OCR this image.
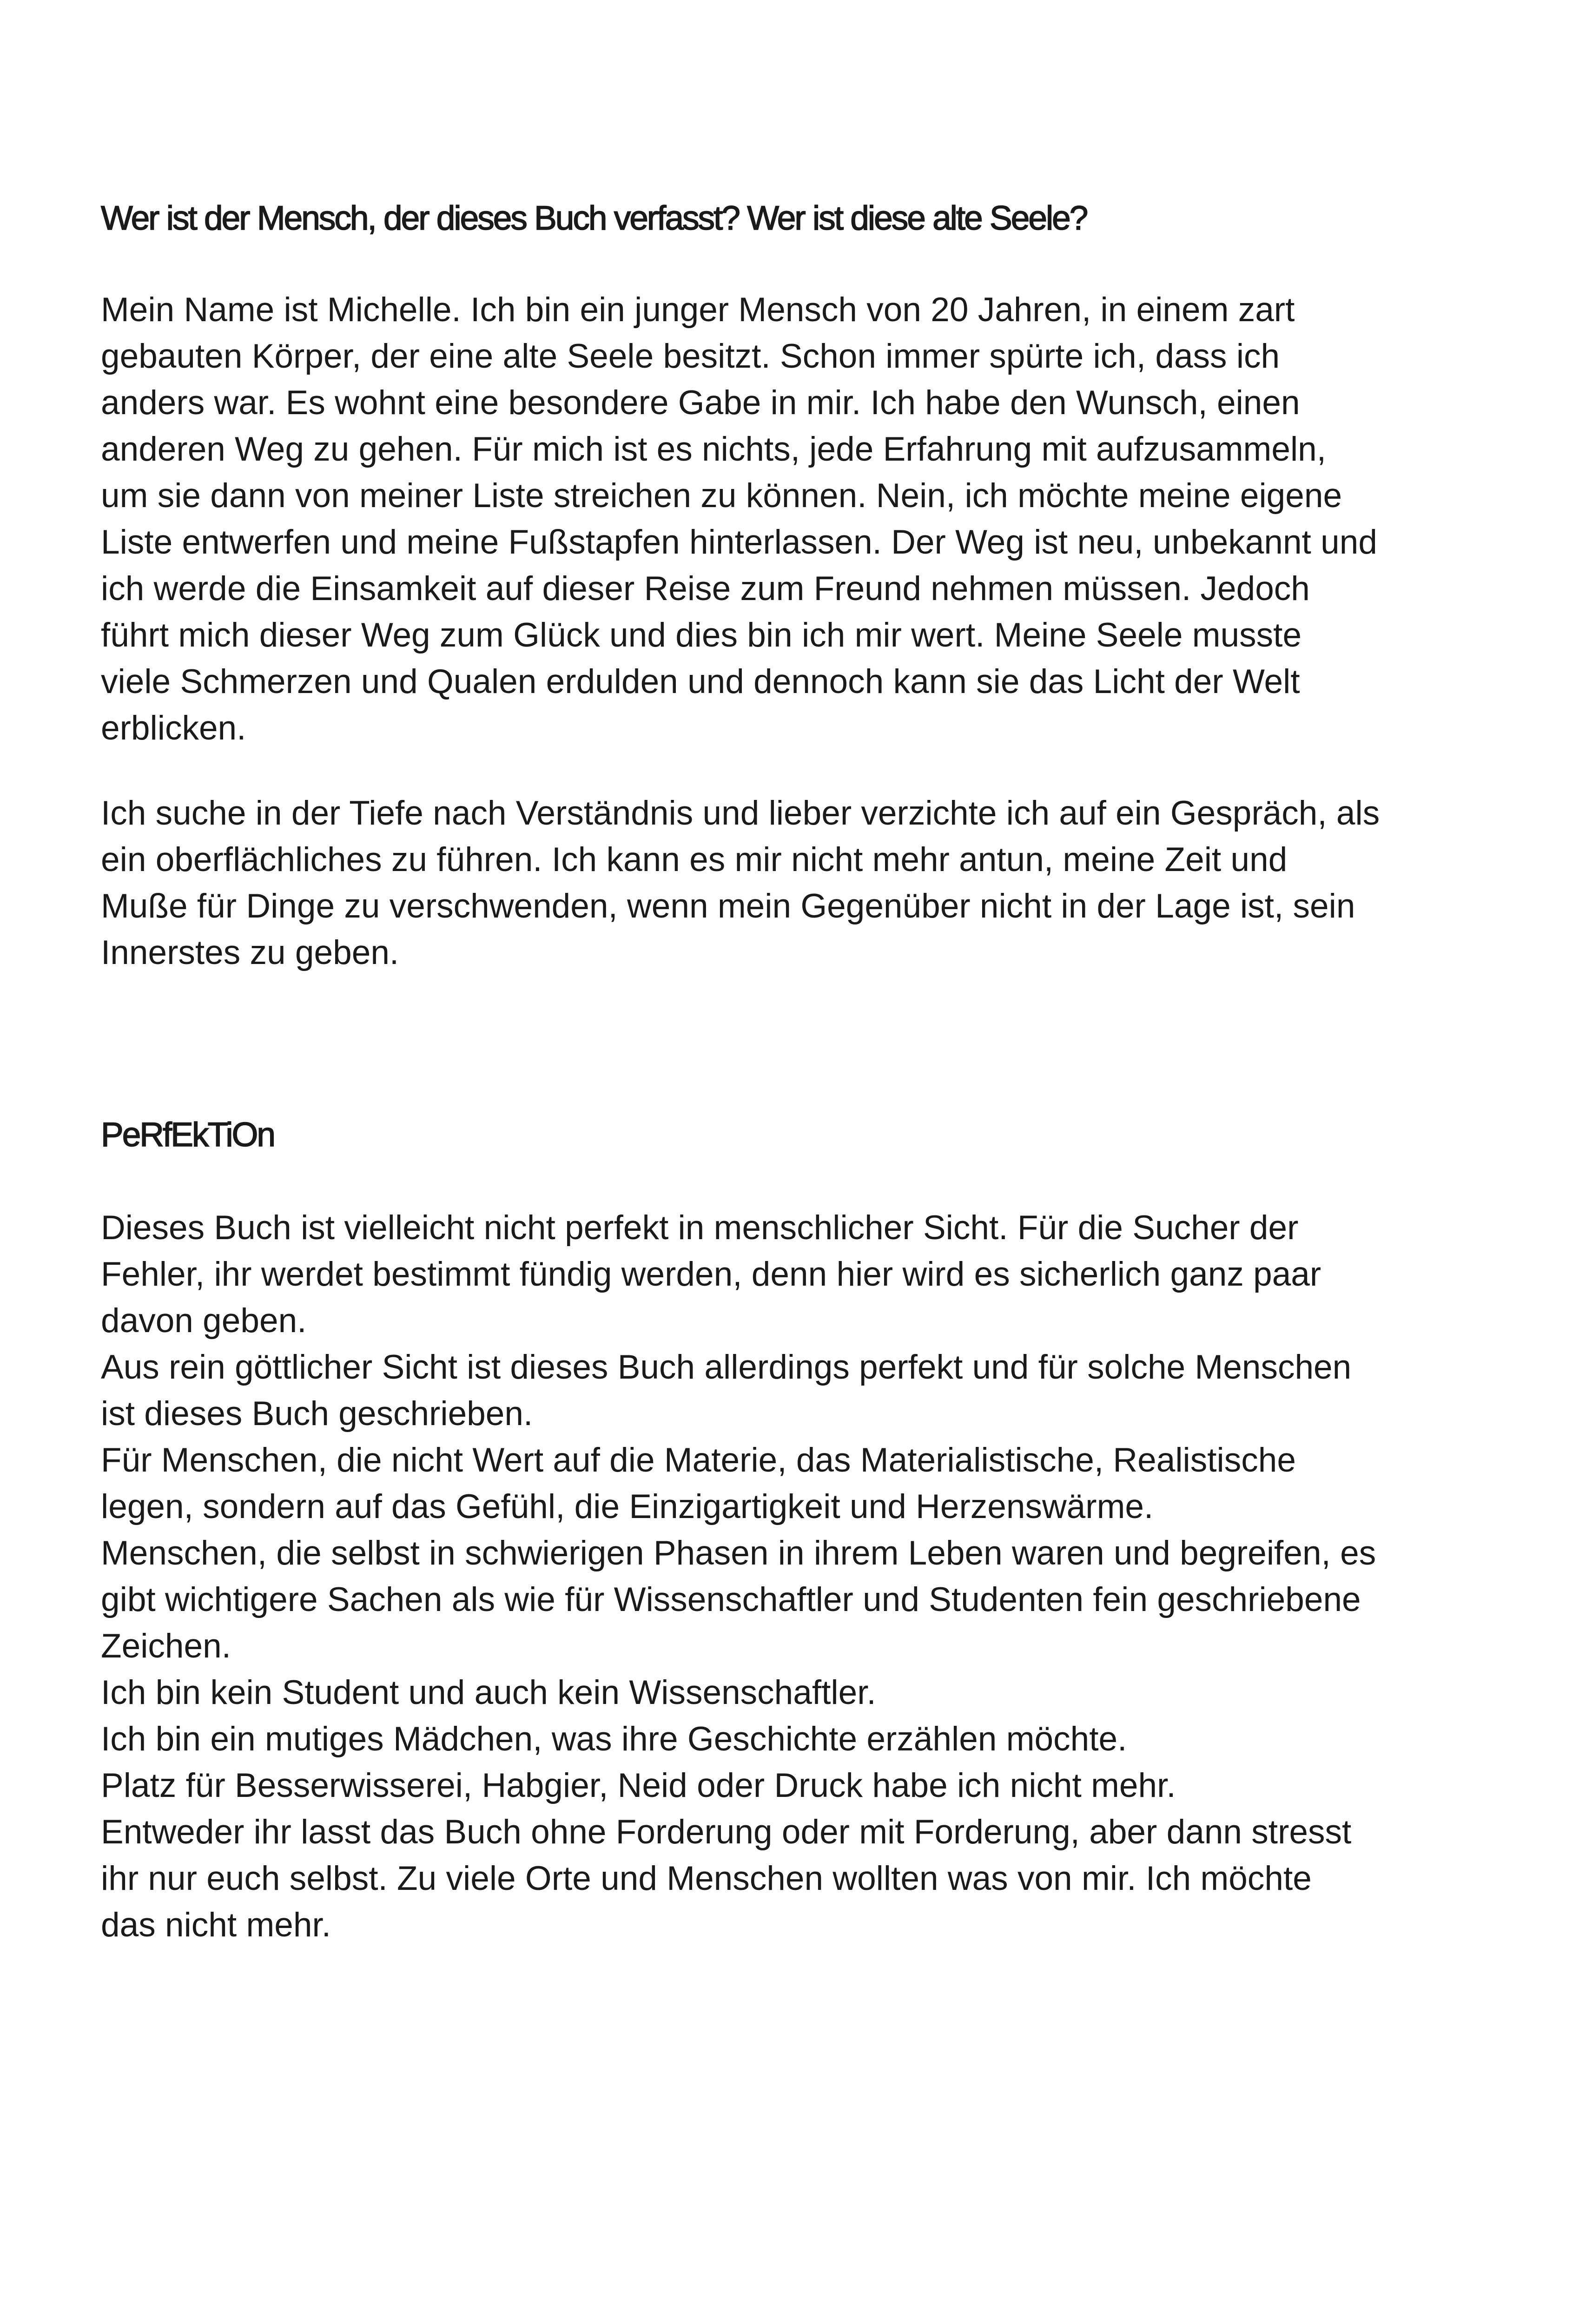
Wer ist der Mensch, der dieses Buch verfasst? Wer ist diese alte Seele?
Mein Name ist Michelle. Ich bin ein junger Mensch von 20 Jahren, in einem zart
gebauten Körper, der eine alte Seele besitzt. Schon immer spürte ich, dass ich
anders war. Es wohnt eine besondere Gabe in mir. Ich habe den Wunsch, einen
anderen Weg zu gehen. Für mich ist es nichts, jede Erfahrung mit aufzusammeln,
um sie dann von meiner Liste streichen zu können. Nein, ich möchte meine eigene
Liste entwerfen und meine Fußstapfen hinterlassen. Der Weg ist neu, unbekannt und
ich werde die Einsamkeit auf dieser Reise zum Freund nehmen müssen. Jedoch
führt mich dieser Weg zum Glück und dies bin ich mir wert. Meine Seele musste
viele Schmerzen und Qualen erdulden und dennoch kann sie das Licht der Welt
erblicken.
Ich suche in der Tiefe nach Verständnis und lieber verzichte ich auf ein Gespräch, als
ein oberflächliches zu führen. Ich kann es mir nicht mehr antun, meine Zeit und
Muße für Dinge zu verschwenden, wenn mein Gegenüber nicht in der Lage ist, sein
Innerstes zu geben.
PeRfEkTiOn
Dieses Buch ist vielleicht nicht perfekt in menschlicher Sicht. Für die Sucher der
Fehler, ihr werdet bestimmt fündig werden, denn hier wird es sicherlich ganz paar
davon geben.
Aus rein göttlicher Sicht ist dieses Buch allerdings perfekt und für solche Menschen
ist dieses Buch geschrieben.
Für Menschen, die nicht Wert auf die Materie, das Materialistische, Realistische
legen, sondern auf das Gefühl, die Einzigartigkeit und Herzenswärme.
Menschen, die selbst in schwierigen Phasen in ihrem Leben waren und begreifen, es
gibt wichtigere Sachen als wie für Wissenschaftler und Studenten fein geschriebene
Zeichen.
Ich bin kein Student und auch kein Wissenschaftler.
Ich bin ein mutiges Mädchen, was ihre Geschichte erzählen möchte.
Platz für Besserwisserei, Habgier, Neid oder Druck habe ich nicht mehr.
Entweder ihr lasst das Buch ohne Forderung oder mit Forderung, aber dann stresst
ihr nur euch selbst. Zu viele Orte und Menschen wollten was von mir. Ich möchte
das nicht mehr.
